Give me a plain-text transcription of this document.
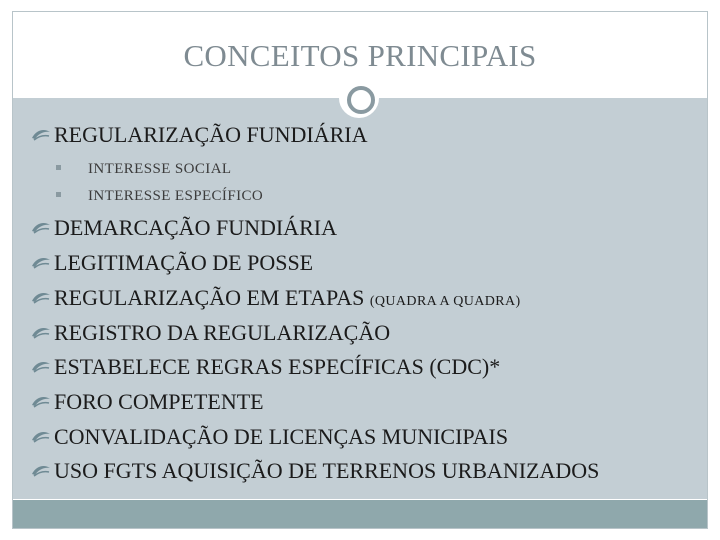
CONCEITOS PRINCIPAIS
REGULARIZAÇÃO FUNDIÁRIA
INTERESSE SOCIAL
INTERESSE ESPECÍFICO
DEMARCAÇÃO FUNDIÁRIA
LEGITIMAÇÃO DE POSSE
REGULARIZAÇÃO EM ETAPAS (QUADRA A QUADRA)
REGISTRO DA REGULARIZAÇÃO
ESTABELECE REGRAS ESPECÍFICAS (CDC)*
FORO COMPETENTE
CONVALIDAÇÃO DE LICENÇAS MUNICIPAIS
USO FGTS AQUISIÇÃO DE TERRENOS URBANIZADOS
